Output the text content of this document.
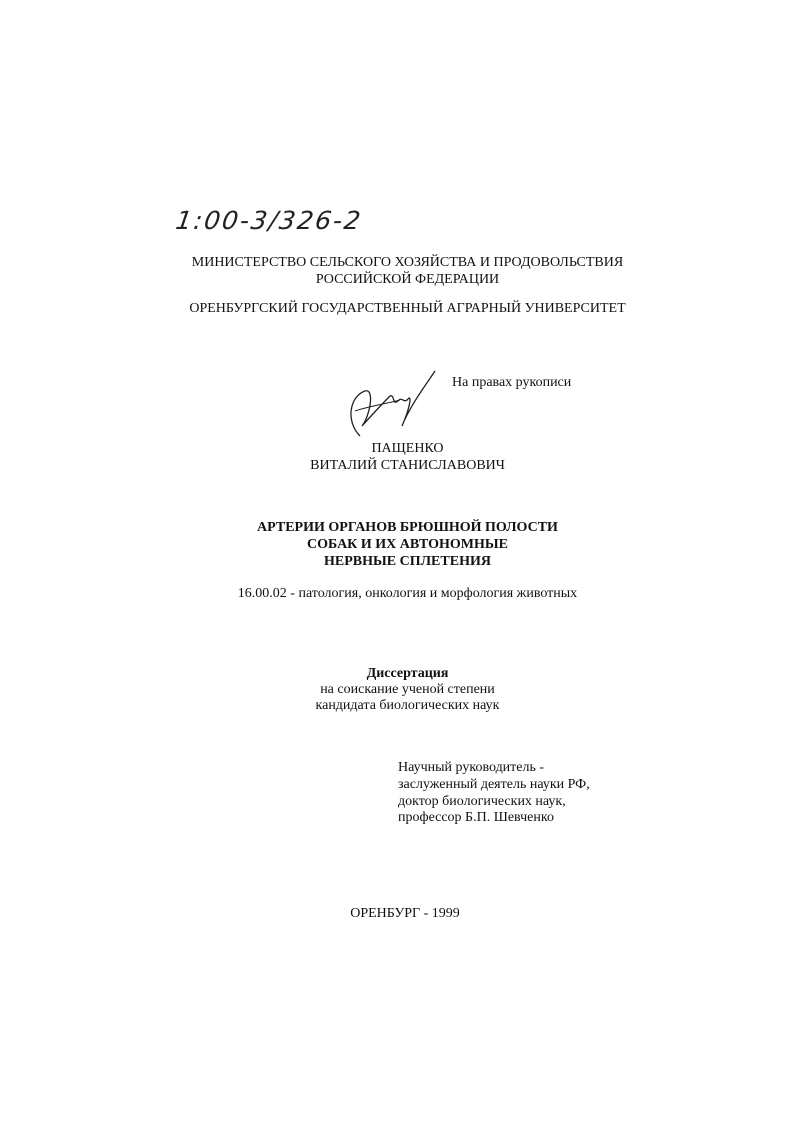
1:00-3/326-2
МИНИСТЕРСТВО СЕЛЬСКОГО ХОЗЯЙСТВА И ПРОДОВОЛЬСТВИЯ
РОССИЙСКОЙ ФЕДЕРАЦИИ
ОРЕНБУРГСКИЙ ГОСУДАРСТВЕННЫЙ АГРАРНЫЙ УНИВЕРСИТЕТ
На правах рукописи
ПАЩЕНКО
ВИТАЛИЙ СТАНИСЛАВОВИЧ
АРТЕРИИ ОРГАНОВ БРЮШНОЙ ПОЛОСТИ
СОБАК И ИХ АВТОНОМНЫЕ
НЕРВНЫЕ СПЛЕТЕНИЯ
16.00.02 - патология, онкология и морфология животных
Диссертация
на соискание ученой степени
кандидата биологических наук
Научный руководитель -
заслуженный деятель науки РФ,
доктор биологических наук,
профессор Б.П. Шевченко
ОРЕНБУРГ - 1999
